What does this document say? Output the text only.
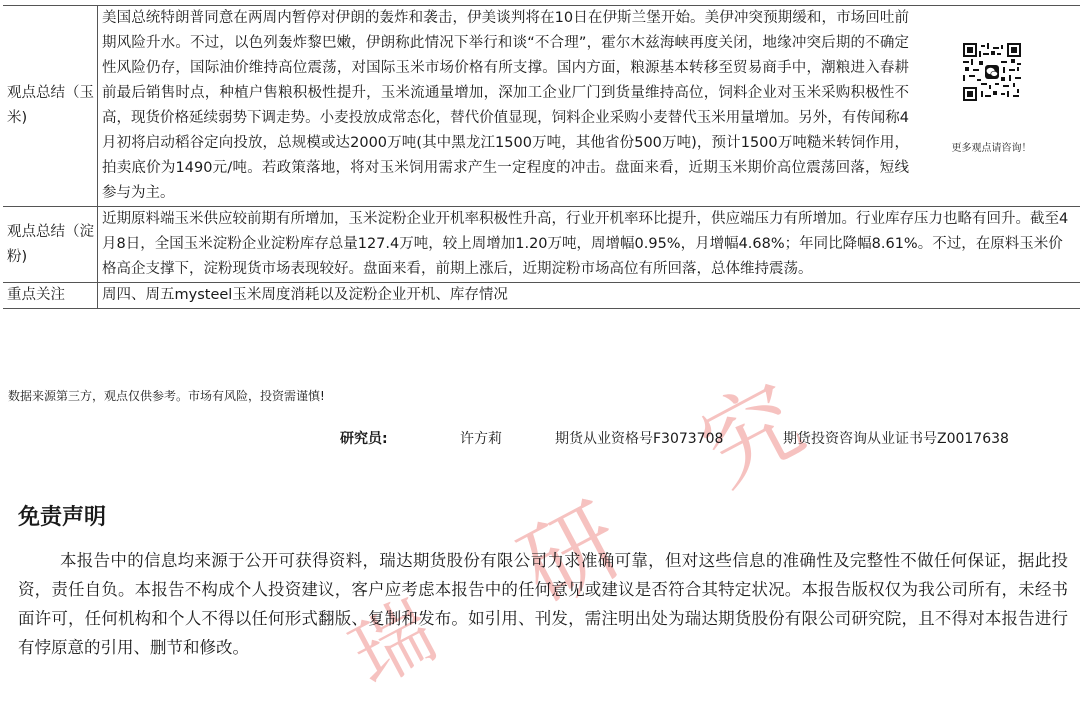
研
究
瑞
观点总结（玉米)	美国总统特朗普同意在两周内暂停对伊朗的轰炸和袭击，伊美谈判将在10日在伊斯兰堡开始。美伊冲突预期缓和，市场回吐前期风险升水。不过，以色列轰炸黎巴嫩，伊朗称此情况下举行和谈“不合理”，霍尔木兹海峡再度关闭，地缘冲突后期的不确定性风险仍存，国际油价维持高位震荡，对国际玉米市场价格有所支撑。国内方面，粮源基本转移至贸易商手中，潮粮进入春耕前最后销售时点，种植户售粮积极性提升，玉米流通量增加，深加工企业厂门到货量维持高位，饲料企业对玉米采购积极性不高，现货价格延续弱势下调走势。小麦投放成常态化，替代价值显现，饲料企业采购小麦替代玉米用量增加。另外，有传闻称4月初将启动稻谷定向投放，总规模或达2000万吨(其中黑龙江1500万吨，其他省份500万吨)，预计1500万吨糙米转饲作用，拍卖底价为1490元/吨。若政策落地，将对玉米饲用需求产生一定程度的冲击。盘面来看，近期玉米期价高位震荡回落，短线参与为主。
更多观点请咨询！

观点总结（淀粉)	近期原料端玉米供应较前期有所增加，玉米淀粉企业开机率积极性升高，行业开机率环比提升，供应端压力有所增加。行业库存压力也略有回升。截至4月8日，全国玉米淀粉企业淀粉库存总量127.4万吨，较上周增加1.20万吨，周增幅0.95%，月增幅4.68%；年同比降幅8.61%。不过，在原料玉米价格高企支撑下，淀粉现货市场表现较好。盘面来看，前期上涨后，近期淀粉市场高位有所回落，总体维持震荡。
重点关注	周四、周五mysteel玉米周度消耗以及淀粉企业开机、库存情况
数据来源第三方，观点仅供参考。市场有风险，投资需谨慎!
研究员:	许方莉	期货从业资格号F3073708	期货投资咨询从业证书号Z0017638
免责声明
本报告中的信息均来源于公开可获得资料，瑞达期货股份有限公司力求准确可靠，但对这些信息的准确性及完整性不做任何保证，据此投资，责任自负。本报告不构成个人投资建议，客户应考虑本报告中的任何意见或建议是否符合其特定状况。本报告版权仅为我公司所有，未经书面许可，任何机构和个人不得以任何形式翻版、复制和发布。如引用、刊发，需注明出处为瑞达期货股份有限公司研究院，且不得对本报告进行有悖原意的引用、删节和修改。
